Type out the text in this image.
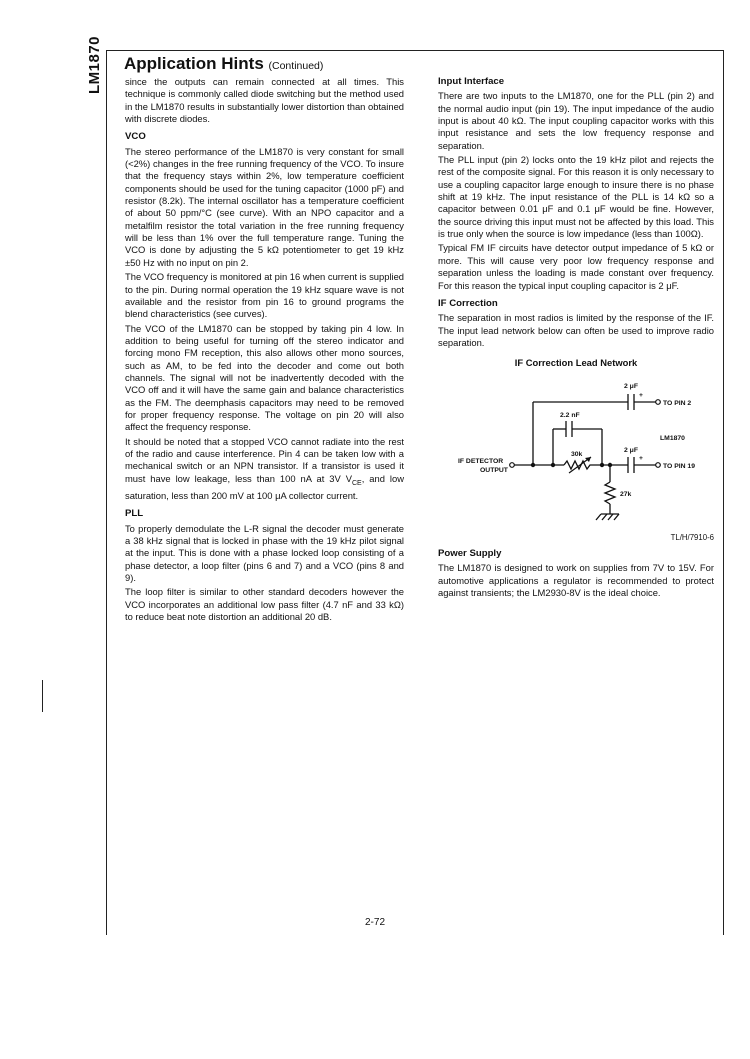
LM1870 Application Hints (Continued)

since the outputs can remain connected at all times. This technique is commonly called diode switching but the method used in the LM1870 results in substantially lower distortion than obtained with discrete diodes.

VCO

The stereo performance of the LM1870 is very constant for small (<2%) changes in the free running frequency of the VCO. To insure that the frequency stays within 2%, low temperature coefficient components should be used for the tuning capacitor (1000 pF) and resistor (8.2k). The internal oscillator has a temperature coefficient of about 50 ppm/°C (see curve). With an NPO capacitor and a metalfilm resistor the total variation in the free running frequency will be less than 1% over the full temperature range. Tuning the VCO is done by adjusting the 5 kΩ potentiometer to get 19 kHz ±50 Hz with no input on pin 2.

The VCO frequency is monitored at pin 16 when current is supplied to the pin. During normal operation the 19 kHz square wave is not available and the resistor from pin 16 to ground programs the blend characteristics (see curves).

The VCO of the LM1870 can be stopped by taking pin 4 low. In addition to being useful for turning off the stereo indicator and forcing mono FM reception, this also allows other mono sources, such as AM, to be fed into the decoder and come out both channels. The signal will not be inadvertently decoded with the VCO off and it will have the same gain and balance characteristics as the FM. The deemphasis capacitors may need to be removed for proper frequency response. The voltage on pin 20 will also affect the frequency response.

It should be noted that a stopped VCO cannot radiate into the rest of the radio and cause interference. Pin 4 can be taken low with a mechanical switch or an NPN transistor. If a transistor is used it must have low leakage, less than 100 nA at 3V $V_{CE}$, and low saturation, less than 200 mV at 100 μA collector current.

PLL

To properly demodulate the L-R signal the decoder must generate a 38 kHz signal that is locked in phase with the 19 kHz pilot signal at the input. This is done with a phase locked loop consisting of a phase detector, a loop filter (pins 6 and 7) and a VCO (pins 8 and 9).

The loop filter is similar to other standard decoders however the VCO incorporates an additional low pass filter (4.7 nF and 33 kΩ) to reduce beat note distortion an additional 20 dB.

Input Interface

There are two inputs to the LM1870, one for the PLL (pin 2) and the normal audio input (pin 19). The input impedance of the audio input is about 40 kΩ. The input coupling capacitor works with this input resistance and sets the low frequency response and separation.

The PLL input (pin 2) locks onto the 19 kHz pilot and rejects the rest of the composite signal. For this reason it is only necessary to use a coupling capacitor large enough to insure there is no phase shift at 19 kHz. The input resistance of the PLL is 14 kΩ so a capacitor between 0.01 μF and 0.1 μF would be fine. However, the source driving this input must not be affected by this load. This is true only when the source is low impedance (less than 100Ω).

Typical FM IF circuits have detector output impedance of 5 kΩ or more. This will cause very poor low frequency response and separation unless the loading is made constant over frequency. For this reason the typical input coupling capacitor is 2 μF.

IF Correction

The separation in most radios is limited by the response of the IF. The input lead network below can often be used to improve radio separation.

IF Correction Lead Network
2 μF
+
TO PIN 2
2.2 nF
LM1870
2 μF
+
30k
IF DETECTOR
OUTPUT
TO PIN 19
27k
TL/H/7910-6
Power Supply

The LM1870 is designed to work on supplies from 7V to 15V. For automotive applications a regulator is recommended to protect against transients; the LM2930-8V is the ideal choice.

2-72
